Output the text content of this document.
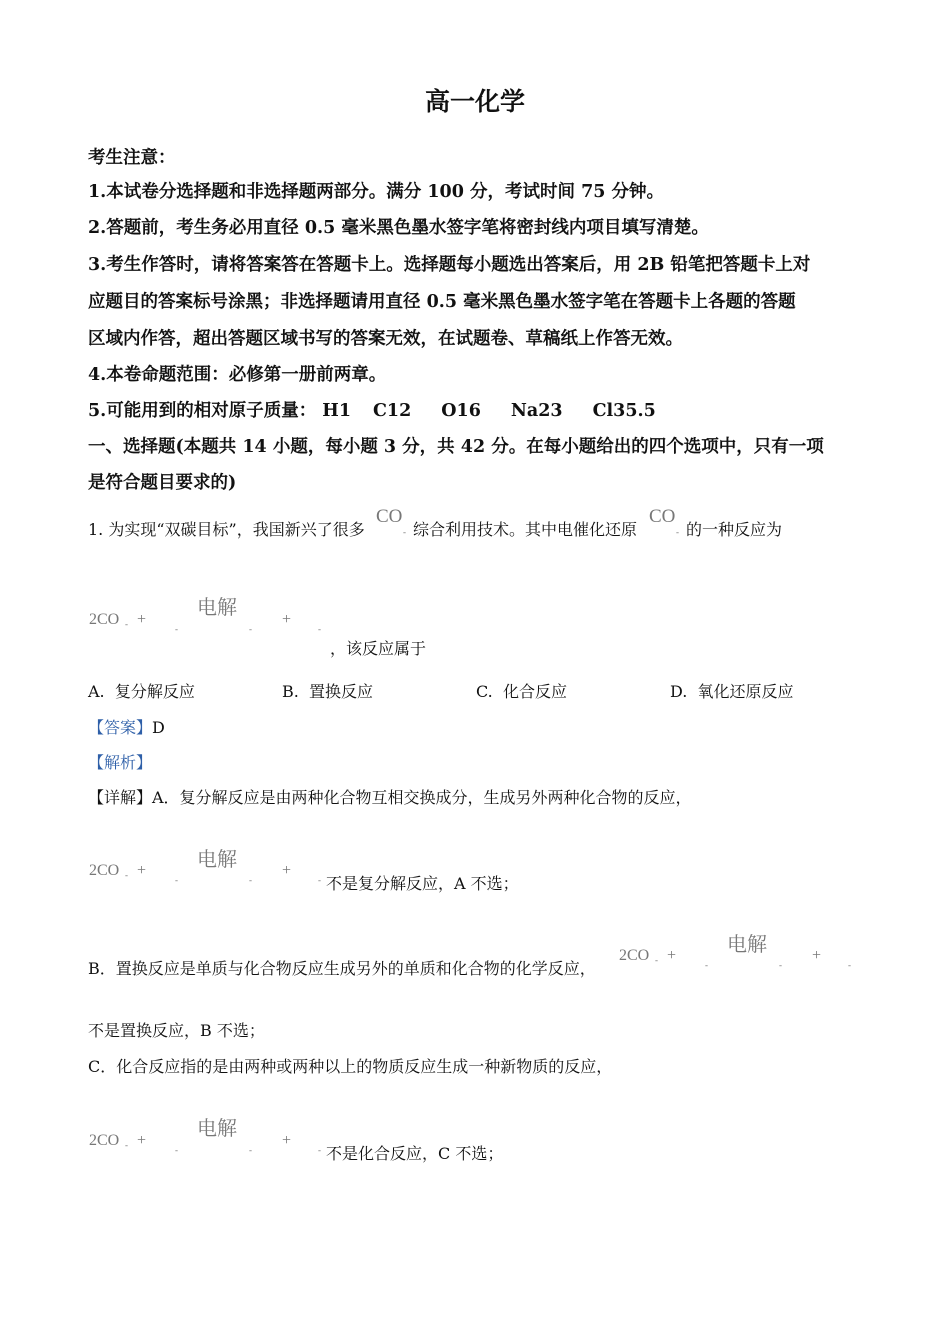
高一化学
考生注意：
1.本试卷分选择题和非选择题两部分。满分 100 分，考试时间 75 分钟。
2.答题前，考生务必用直径 0.5 毫米黑色墨水签字笔将密封线内项目填写清楚。
3.考生作答时，请将答案答在答题卡上。选择题每小题选出答案后，用 2B 铅笔把答题卡上对
应题目的答案标号涂黑；非选择题请用直径 0.5 毫米黑色墨水签字笔在答题卡上各题的答题
区域内作答，超出答题区域书写的答案无效，在试题卷、草稿纸上作答无效。
4.本卷命题范围：必修第一册前两章。
5.可能用到的相对原子质量： H1 C12 O16 Na23 Cl35.5
一、选择题(本题共 14 小题，每小题 3 分，共 42 分。在每小题给出的四个选项中，只有一项
是符合题目要求的)
1. 为实现“双碳目标”，我国新兴了很多
CO
- 综合利用技术。其中电催化还原
CO
- 的一种反应为
电解
2CO - +
-	-
+
-
，该反应属于
A. 复分解反应	B. 置换反应	C. 化合反应	D. 氧化还原反应
【答案】D
【解析】
【详解】A．复分解反应是由两种化合物互相交换成分，生成另外两种化合物的反应，
电解
2CO - +
-	-
+
- 不是复分解反应，A 不选；
B．置换反应是单质与化合物反应生成另外的单质和化合物的化学反应，
电解
2CO - +
-	-
+
-
不是置换反应，B 不选；
C．化合反应指的是由两种或两种以上的物质反应生成一种新物质的反应，
电解
2CO - +
-	-
+
- 不是化合反应，C 不选；
